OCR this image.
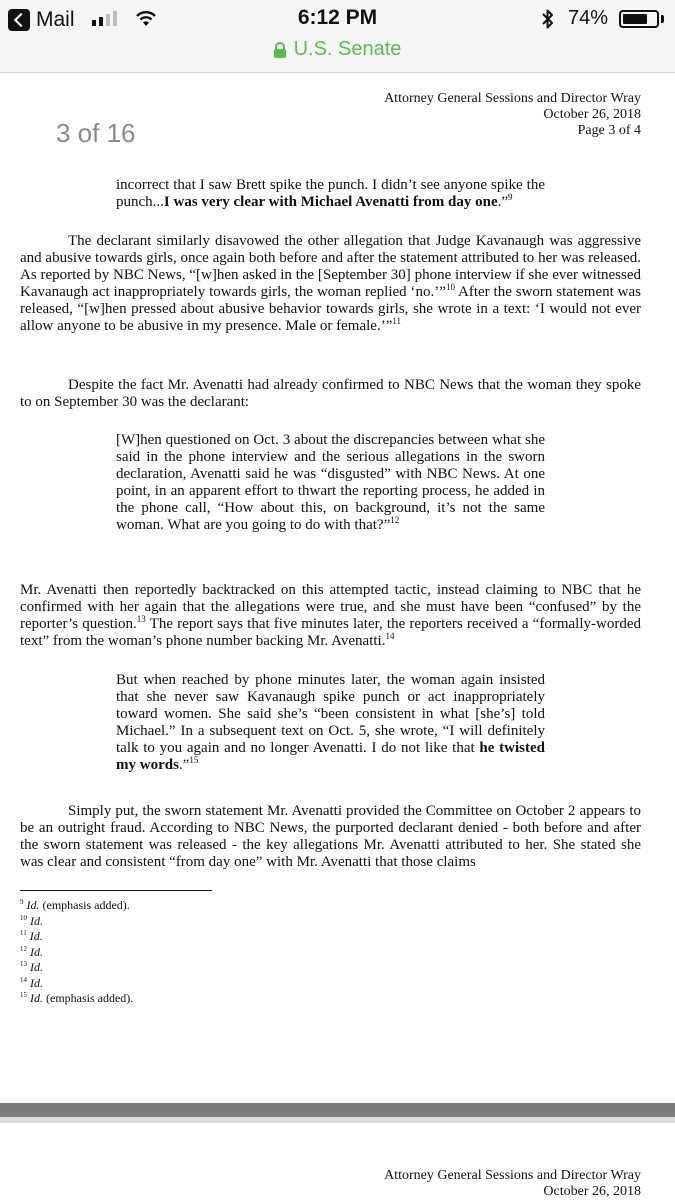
Mail	6:12 PM	74%
U.S. Senate
3 of 16
Attorney General Sessions and Director Wray
October 26, 2018
Page 3 of 4

incorrect that I saw Brett spike the punch. I didn’t see anyone spike the punch...I was very clear with Michael Avenatti from day one.”$^9$

The declarant similarly disavowed the other allegation that Judge Kavanaugh was aggressive and abusive towards girls, once again both before and after the statement attributed to her was released. As reported by NBC News, “[w]hen asked in the [September 30] phone interview if she ever witnessed Kavanaugh act inappropriately towards girls, the woman replied ‘no.’”$^{10}$ After the sworn statement was released, “[w]hen pressed about abusive behavior towards girls, she wrote in a text: ‘I would not ever allow anyone to be abusive in my presence. Male or female.’”$^{11}$

Despite the fact Mr. Avenatti had already confirmed to NBC News that the woman they spoke to on September 30 was the declarant:

[W]hen questioned on Oct. 3 about the discrepancies between what she said in the phone interview and the serious allegations in the sworn declaration, Avenatti said he was “disgusted” with NBC News. At one point, in an apparent effort to thwart the reporting process, he added in the phone call, “How about this, on background, it’s not the same woman. What are you going to do with that?”$^{12}$

Mr. Avenatti then reportedly backtracked on this attempted tactic, instead claiming to NBC that he confirmed with her again that the allegations were true, and she must have been “confused” by the reporter’s question.$^{13}$ The report says that five minutes later, the reporters received a “formally-worded text” from the woman’s phone number backing Mr. Avenatti.$^{14}$

But when reached by phone minutes later, the woman again insisted that she never saw Kavanaugh spike punch or act inappropriately toward women. She said she’s “been consistent in what [she’s] told Michael.” In a subsequent text on Oct. 5, she wrote, “I will definitely talk to you again and no longer Avenatti. I do not like that he twisted my words.”$^{15}$

Simply put, the sworn statement Mr. Avenatti provided the Committee on October 2 appears to be an outright fraud. According to NBC News, the purported declarant denied - both before and after the sworn statement was released - the key allegations Mr. Avenatti attributed to her. She stated she was clear and consistent “from day one” with Mr. Avenatti that those claims

$^9$ Id. (emphasis added).
$^{10}$ Id.
$^{11}$ Id.
$^{12}$ Id.
$^{13}$ Id.
$^{14}$ Id.
$^{15}$ Id. (emphasis added).
Attorney General Sessions and Director Wray
October 26, 2018
